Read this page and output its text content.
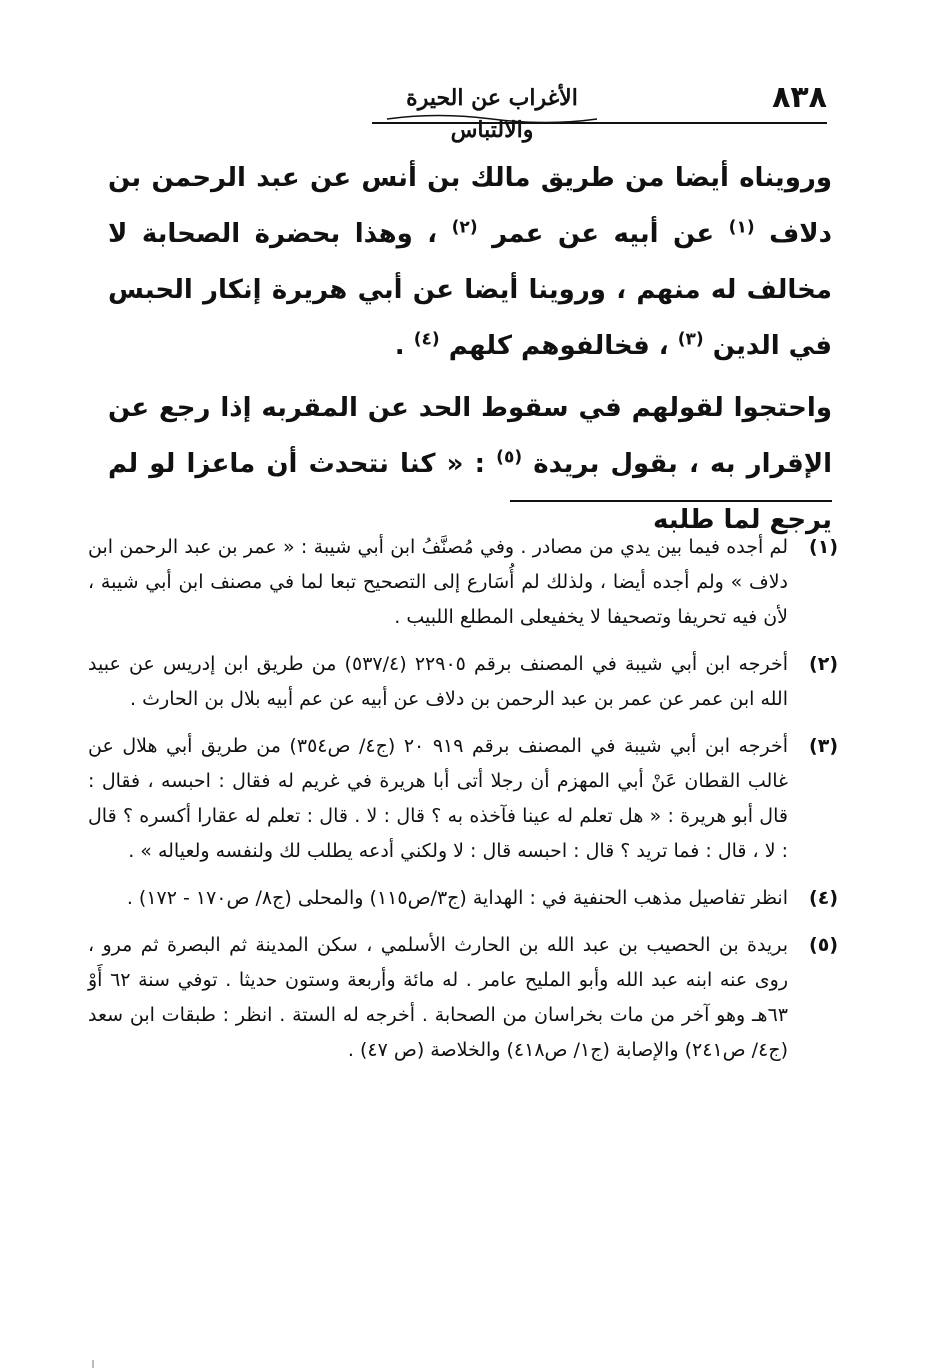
الأغراب عن الحيرة والالتباس
٨٣٨

ورويناه أيضا من طريق مالك بن أنس عن عبد الرحمن بن دلاف $^{(١)}$ عن أبيه عن عمر $^{(٢)}$ ، وهذا بحضرة الصحابة لا مخالف له منهم ، وروينا أيضا عن أبي هريرة إنكار الحبس في الدين $^{(٣)}$ ، فخالفوهم كلهم $^{(٤)}$ .

واحتجوا لقولهم في سقوط الحد عن المقربه إذا رجع عن الإقرار به ، بقول بريدة $^{(٥)}$ : « كنا نتحدث أن ماعزا لو لم يرجع لما طلبه

(١)
لم أجده فيما بين يدي من مصادر . وفي مُصنَّفُ ابن أبي شيبة : « عمر بن عبد الرحمن ابن دلاف » ولم أجده أيضا ، ولذلك لم أُسَارع إلى التصحيح تبعا لما في مصنف ابن أبي شيبة ، لأن فيه تحريفا وتصحيفا لا يخفيعلى المطلع اللبيب .
(٢)
أخرجه ابن أبي شيبة في المصنف برقم ٢٢٩٠٥ (٥٣٧/٤) من طريق ابن إدريس عن عبيد الله ابن عمر عن عمر بن عبد الرحمن بن دلاف عن أبيه عن عم أبيه بلال بن الحارث .
(٣)
أخرجه ابن أبي شيبة في المصنف برقم ٩١٩ ٢٠ (ج٤/ ص٣٥٤) من طريق أبي هلال عن غالب القطان عَنْ أبي المهزم أن رجلا أتى أبا هريرة في غريم له فقال : احبسه ، فقال : قال أبو هريرة : « هل تعلم له عينا فآخذه به ؟ قال : لا . قال : تعلم له عقارا أكسره ؟ قال : لا ، قال : فما تريد ؟ قال : احبسه قال : لا ولكني أدعه يطلب لك ولنفسه ولعياله » .
(٤)
انظر تفاصيل مذهب الحنفية في : الهداية (ج٣/ص١١٥) والمحلى (ج٨/ ص١٧٠ - ١٧٢) .
(٥)
بريدة بن الحصيب بن عبد الله بن الحارث الأسلمي ، سكن المدينة ثم البصرة ثم مرو ، روى عنه ابنه عبد الله وأبو المليح عامر . له مائة وأربعة وستون حديثا . توفي سنة ٦٢ أَوْ ٦٣هـ وهو آخر من مات بخراسان من الصحابة . أخرجه له الستة . انظر : طبقات ابن سعد (ج٤/ ص٢٤١) والإصابة (ج١/ ص٤١٨) والخلاصة (ص ٤٧) .
